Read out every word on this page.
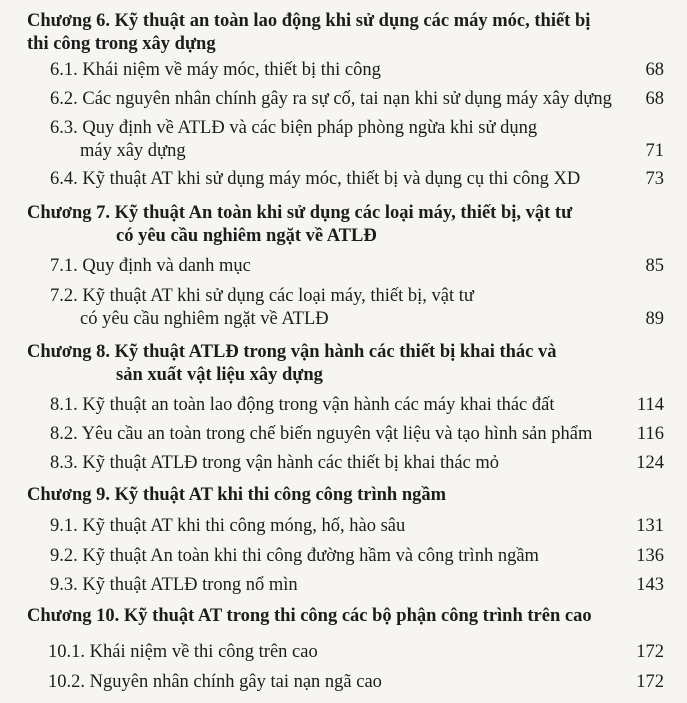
Chương 6. Kỹ thuật an toàn lao động khi sử dụng các máy móc, thiết bị
thi công trong xây dựng
6.1. Khái niệm về máy móc, thiết bị thi công	68
6.2. Các nguyên nhân chính gây ra sự cố, tai nạn khi sử dụng máy xây dựng	68
6.3. Quy định về ATLĐ và các biện pháp phòng ngừa khi sử dụng
máy xây dựng	71
6.4. Kỹ thuật AT khi sử dụng máy móc, thiết bị và dụng cụ thi công XD	73
Chương 7. Kỹ thuật An toàn khi sử dụng các loại máy, thiết bị, vật tư
có yêu cầu nghiêm ngặt về ATLĐ
7.1. Quy định và danh mục	85
7.2. Kỹ thuật AT khi sử dụng các loại máy, thiết bị, vật tư
có yêu cầu nghiêm ngặt về ATLĐ	89
Chương 8. Kỹ thuật ATLĐ trong vận hành các thiết bị khai thác và
sản xuất vật liệu xây dựng
8.1. Kỹ thuật an toàn lao động trong vận hành các máy khai thác đất	114
8.2. Yêu cầu an toàn trong chế biến nguyên vật liệu và tạo hình sản phẩm	116
8.3. Kỹ thuật ATLĐ trong vận hành các thiết bị khai thác mỏ	124
Chương 9. Kỹ thuật AT khi thi công công trình ngầm
9.1. Kỹ thuật AT khi thi công móng, hố, hào sâu	131
9.2. Kỹ thuật An toàn khi thi công đường hầm và công trình ngầm	136
9.3. Kỹ thuật ATLĐ trong nổ mìn	143
Chương 10. Kỹ thuật AT trong thi công các bộ phận công trình trên cao
10.1. Khái niệm về thi công trên cao	172
10.2. Nguyên nhân chính gây tai nạn ngã cao	172
